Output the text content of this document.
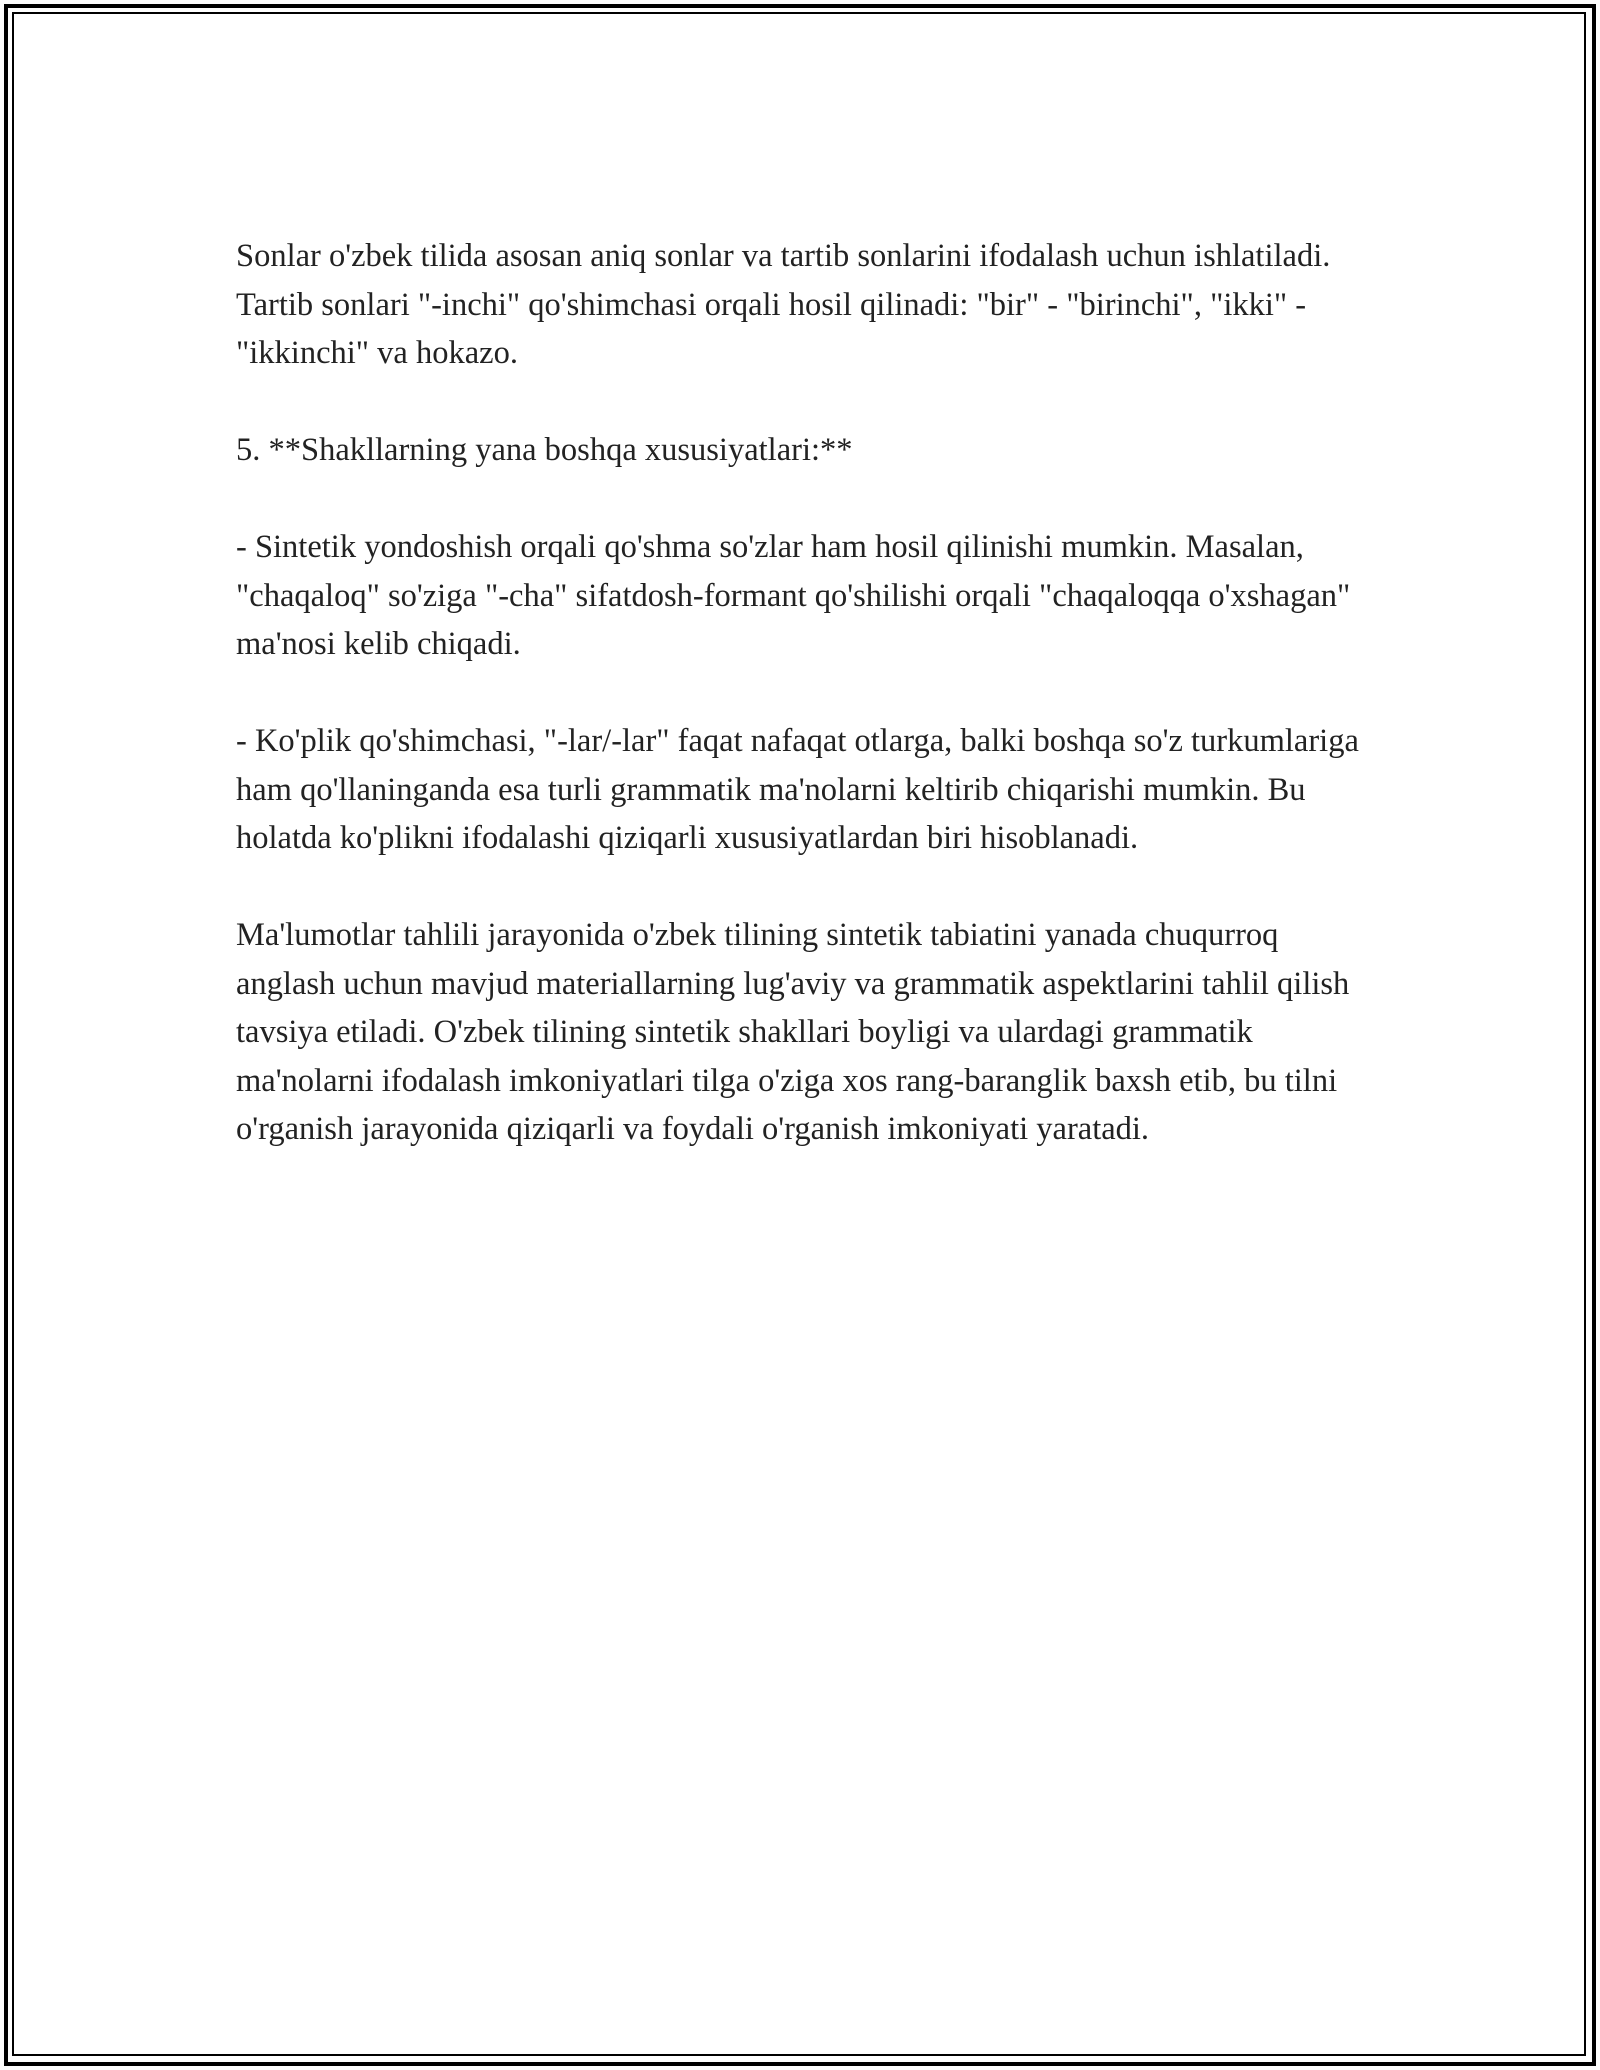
Sonlar o'zbek tilida asosan aniq sonlar va tartib sonlarini ifodalash uchun ishlatiladi. Tartib sonlari "-inchi" qo'shimchasi orqali hosil qilinadi: "bir" - "birinchi", "ikki" - "ikkinchi" va hokazo.

5. **Shakllarning yana boshqa xususiyatlari:**

- Sintetik yondoshish orqali qo'shma so'zlar ham hosil qilinishi mumkin. Masalan, "chaqaloq" so'ziga "-cha" sifatdosh-formant qo'shilishi orqali "chaqaloqqa o'xshagan" ma'nosi kelib chiqadi.

- Ko'plik qo'shimchasi, "-lar/-lar" faqat nafaqat otlarga, balki boshqa so'z turkumlariga ham qo'llaninganda esa turli grammatik ma'nolarni keltirib chiqarishi mumkin. Bu holatda ko'plikni ifodalashi qiziqarli xususiyatlardan biri hisoblanadi.

Ma'lumotlar tahlili jarayonida o'zbek tilining sintetik tabiatini yanada chuqurroq anglash uchun mavjud materiallarning lug'aviy va grammatik aspektlarini tahlil qilish tavsiya etiladi. O'zbek tilining sintetik shakllari boyligi va ulardagi grammatik ma'nolarni ifodalash imkoniyatlari tilga o'ziga xos rang-baranglik baxsh etib, bu tilni o'rganish jarayonida qiziqarli va foydali o'rganish imkoniyati yaratadi.
